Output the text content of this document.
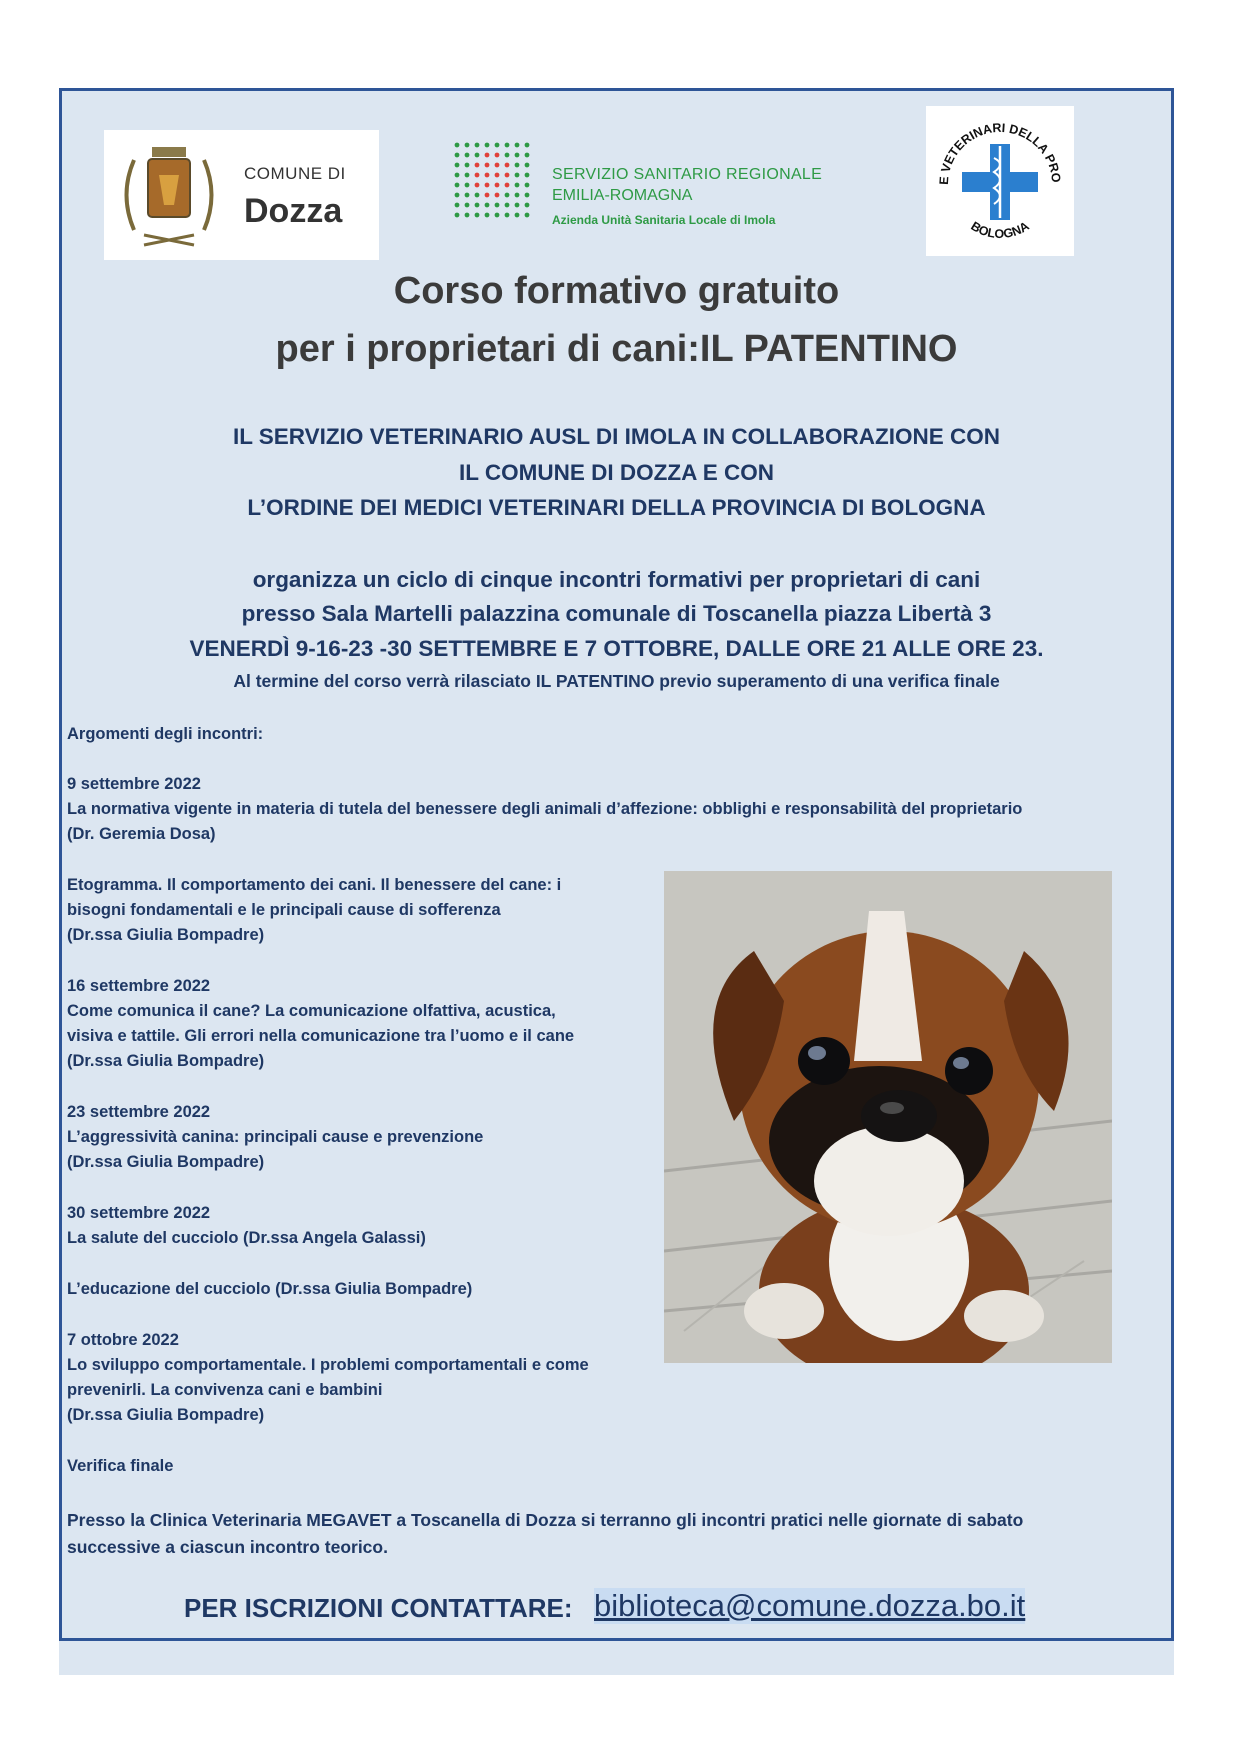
COMUNE DI
Dozza
SERVIZIO SANITARIO REGIONALE
EMILIA-ROMAGNA
Azienda Unità Sanitaria Locale di Imola
E VETERINARI DELLA PRO
BOLOGNA
Corso formativo gratuito
per i proprietari di cani:IL PATENTINO
IL SERVIZIO VETERINARIO AUSL DI IMOLA IN COLLABORAZIONE CON
IL COMUNE DI DOZZA E CON
L’ORDINE DEI MEDICI VETERINARI DELLA PROVINCIA DI BOLOGNA
organizza un ciclo di cinque incontri formativi per proprietari di cani
presso Sala Martelli palazzina comunale di Toscanella piazza Libertà 3
VENERDÌ 9-16-23 -30 SETTEMBRE E 7 OTTOBRE, DALLE ORE 21 ALLE ORE 23.
Al termine del corso verrà rilasciato IL PATENTINO previo superamento di una verifica finale
Argomenti degli incontri:
9 settembre 2022
La normativa vigente in materia di tutela del benessere degli animali d’affezione: obblighi e responsabilità del proprietario
(Dr. Geremia Dosa)
Etogramma. Il comportamento dei cani. Il benessere del cane: i
bisogni fondamentali e le principali cause di sofferenza
(Dr.ssa Giulia Bompadre)
16 settembre 2022
Come comunica il cane? La comunicazione olfattiva, acustica,
visiva e tattile. Gli errori nella comunicazione tra l’uomo e il cane
(Dr.ssa Giulia Bompadre)
23 settembre 2022
L’aggressività canina: principali cause e prevenzione
(Dr.ssa Giulia Bompadre)
30 settembre 2022
La salute del cucciolo (Dr.ssa Angela Galassi)
L’educazione del cucciolo (Dr.ssa Giulia Bompadre)
7 ottobre 2022
Lo sviluppo comportamentale. I problemi comportamentali e come
prevenirli. La convivenza cani e bambini
(Dr.ssa Giulia Bompadre)
Verifica finale
Presso la Clinica Veterinaria MEGAVET a Toscanella di Dozza si terranno gli incontri pratici nelle giornate di sabato
successive a ciascun incontro teorico.
PER ISCRIZIONI CONTATTARE: biblioteca@comune.dozza.bo.it
